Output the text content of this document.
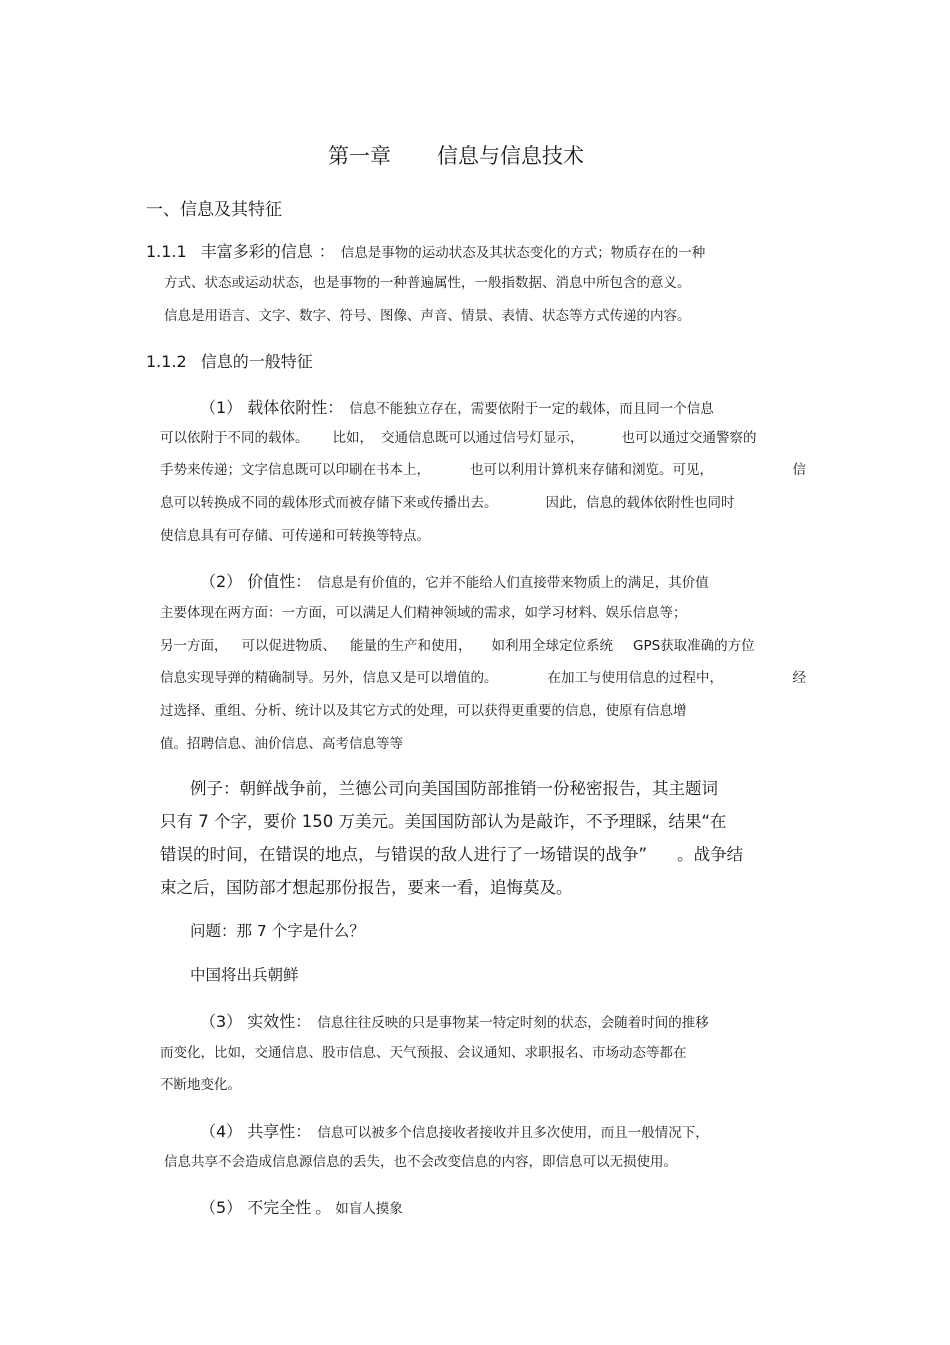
第一章 信息与信息技术
一、信息及其特征
1.1.1 丰富多彩的信息 ： 信息是事物的运动状态及其状态变化的方式；物质存在的一种
方式、状态或运动状态，也是事物的一种普遍属性，一般指数据、消息中所包含的意义。
信息是用语言、文字、数字、符号、图像、声音、情景、表情、状态等方式传递的内容。
1.1.2 信息的一般特征
（1） 载体依附性： 信息不能独立存在，需要依附于一定的载体，而且同一个信息
可以依附于不同的载体。 比如， 交通信息既可以通过信号灯显示，	也可以通过交通警察的
手势来传递；文字信息既可以印刷在书本上，	也可以利用计算机来存储和浏览。可见，	信
息可以转换成不同的载体形式而被存储下来或传播出去。	因此，信息的载体依附性也同时
使信息具有可存储、可传递和可转换等特点。
（2） 价值性： 信息是有价值的，它并不能给人们直接带来物质上的满足，其价值
主要体现在两方面：一方面，可以满足人们精神领域的需求，如学习材料、娱乐信息等；
另一方面， 可以促进物质、 能量的生产和使用， 如利用全球定位系统 GPS获取准确的方位
信息实现导弹的精确制导。另外，信息又是可以增值的。	在加工与使用信息的过程中，	经
过选择、重组、分析、统计以及其它方式的处理，可以获得更重要的信息，使原有信息增
值。招聘信息、油价信息、高考信息等等
例子：朝鲜战争前，兰德公司向美国国防部推销一份秘密报告，其主题词
只有 7 个字，要价 150 万美元。美国国防部认为是敲诈，不予理睬，结果“在
错误的时间，在错误的地点，与错误的敌人进行了一场错误的战争” 。战争结
束之后，国防部才想起那份报告，要来一看，追悔莫及。
问题：那 7 个字是什么？
中国将出兵朝鲜
（3） 实效性： 信息往往反映的只是事物某一特定时刻的状态，会随着时间的推移
而变化，比如，交通信息、股市信息、天气预报、会议通知、求职报名、市场动态等都在
不断地变化。
（4） 共享性： 信息可以被多个信息接收者接收并且多次使用，而且一般情况下，
信息共享不会造成信息源信息的丢失，也不会改变信息的内容，即信息可以无损使用。
（5） 不完全性 。 如盲人摸象
